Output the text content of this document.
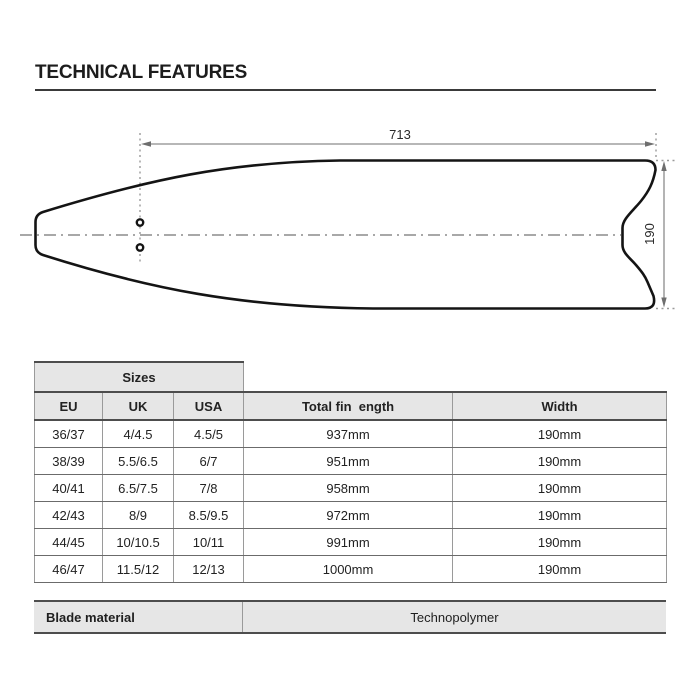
TECHNICAL FEATURES
713
190
Sizes				
EU	UK	USA	Total fin  ength	Width
36/37	4/4.5	4.5/5	937mm	190mm
38/39	5.5/6.5	6/7	951mm	190mm
40/41	6.5/7.5	7/8	958mm	190mm
42/43	8/9	8.5/9.5	972mm	190mm
44/45	10/10.5	10/11	991mm	190mm
46/47	11.5/12	12/13	1000mm	190mm
Blade material	Technopolymer
